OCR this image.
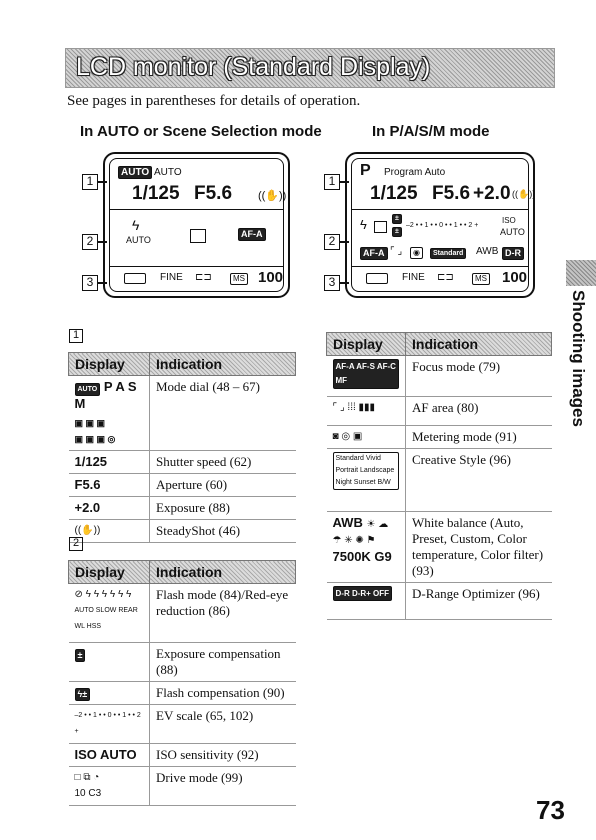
LCD monitor (Standard Display)
See pages in parentheses for details of operation.
In AUTO or Scene Selection mode	In P/A/S/M mode
AUTO AUTO
1/125 F5.6 ((✋))
ϟ
AUTO
AF-A
FINE ⊏⊐	MS 100
1
2
3
P Program Auto
1/125 F5.6 +2.0 ((✋))
ϟ	±
±
–2 • • 1 • • 0 • • 1 • • 2 +
ISO
AUTO
AF-A ⌜ ⌟	◉	Standard	AWB D-R
FINE ⊏⊐	MS 100
1
2
3
1
Display	Indication
AUTO P A S M
▣ ▣ ▣
▣ ▣ ▣ ◎	Mode dial (48 – 67)
1/125	Shutter speed (62)
F5.6	Aperture (60)
+2.0	Exposure (88)
((✋))	SteadyShot (46)
2
Display	Indication
⊘ ϟ ϟ ϟ ϟ ϟ ϟ
AUTO SLOW REAR WL HSS	Flash mode (84)/Red-eye reduction (86)
±	Exposure compensation (88)
ϟ±	Flash compensation (90)
–2 • • 1 • • 0 • • 1 • • 2 +	EV scale (65, 102)
ISO AUTO	ISO sensitivity (92)
□ ⧉ ◔
10 C3	Drive mode (99)
Display	Indication
AF-A AF-S AF-C MF	Focus mode (79)
⌜ ⌟ ⁞⁞⁞ ▮▮▮	AF area (80)
◙ ◎ ▣	Metering mode (91)
Standard Vivid Portrait Landscape Night Sunset B/W	Creative Style (96)
AWB ☀ ☁
☂ ✳ ✺ ⚑
7500K G9	White balance (Auto, Preset, Custom, Color temperature, Color filter) (93)
D-R D-R+ OFF	D-Range Optimizer (96)
Shooting images
73
